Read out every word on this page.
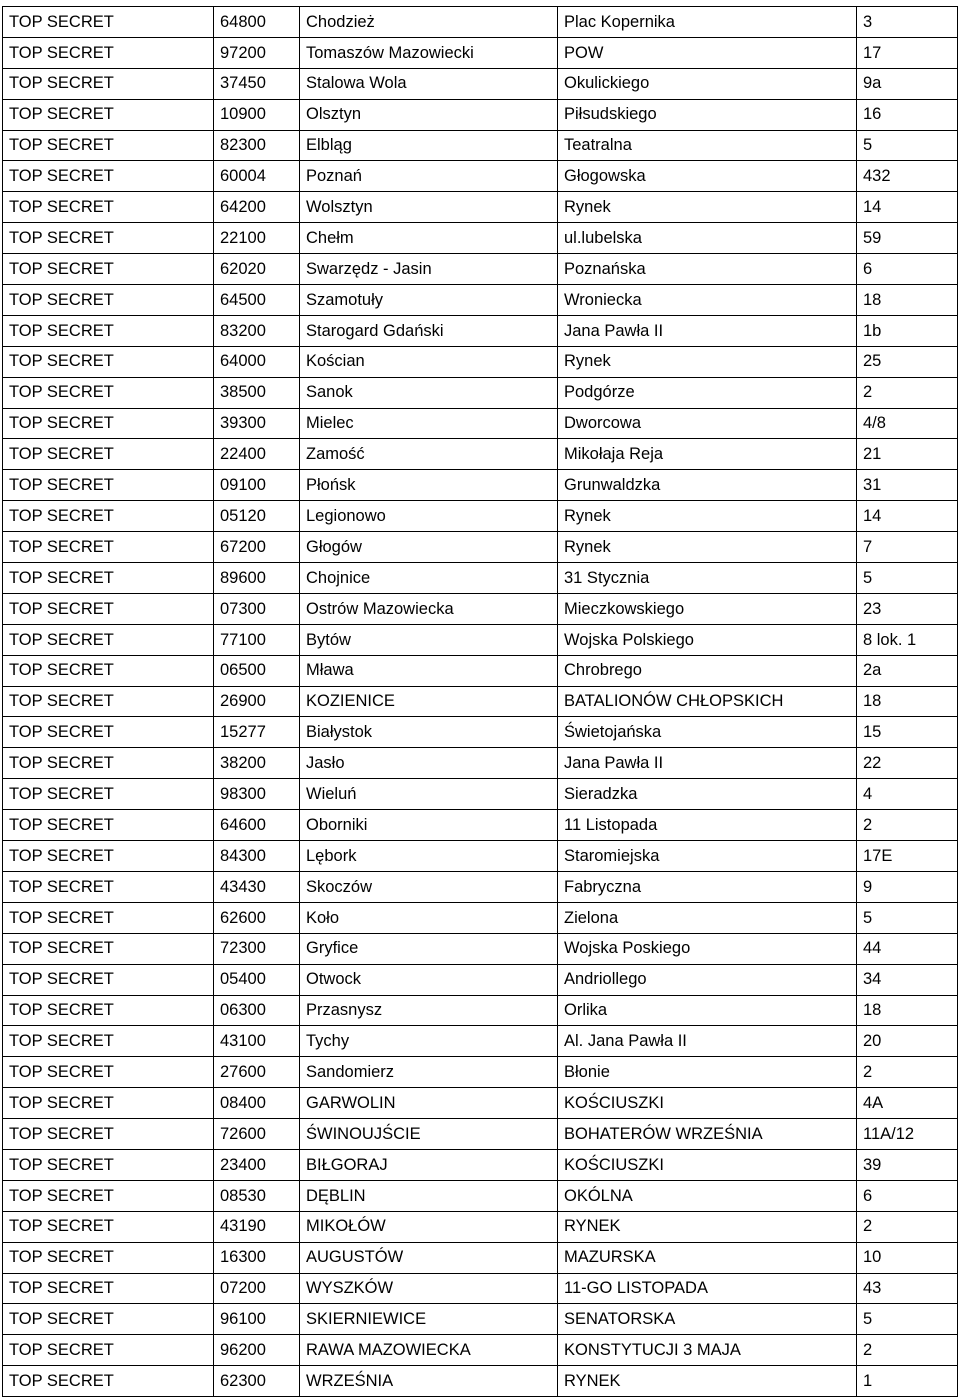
TOP SECRET	64800	Chodzież	Plac Kopernika	3
TOP SECRET	97200	Tomaszów Mazowiecki	POW	17
TOP SECRET	37450	Stalowa Wola	Okulickiego	9a
TOP SECRET	10900	Olsztyn	Piłsudskiego	16
TOP SECRET	82300	Elbląg	Teatralna	5
TOP SECRET	60004	Poznań	Głogowska	432
TOP SECRET	64200	Wolsztyn	Rynek	14
TOP SECRET	22100	Chełm	ul.lubelska	59
TOP SECRET	62020	Swarzędz - Jasin	Poznańska	6
TOP SECRET	64500	Szamotuły	Wroniecka	18
TOP SECRET	83200	Starogard Gdański	Jana Pawła II	1b
TOP SECRET	64000	Kościan	Rynek	25
TOP SECRET	38500	Sanok	Podgórze	2
TOP SECRET	39300	Mielec	Dworcowa	4/8
TOP SECRET	22400	Zamość	Mikołaja Reja	21
TOP SECRET	09100	Płońsk	Grunwaldzka	31
TOP SECRET	05120	Legionowo	Rynek	14
TOP SECRET	67200	Głogów	Rynek	7
TOP SECRET	89600	Chojnice	31 Stycznia	5
TOP SECRET	07300	Ostrów Mazowiecka	Mieczkowskiego	23
TOP SECRET	77100	Bytów	Wojska Polskiego	8 lok. 1
TOP SECRET	06500	Mława	Chrobrego	2a
TOP SECRET	26900	KOZIENICE	BATALIONÓW CHŁOPSKICH	18
TOP SECRET	15277	Białystok	Świetojańska	15
TOP SECRET	38200	Jasło	Jana Pawła II	22
TOP SECRET	98300	Wieluń	Sieradzka	4
TOP SECRET	64600	Oborniki	11 Listopada	2
TOP SECRET	84300	Lębork	Staromiejska	17E
TOP SECRET	43430	Skoczów	Fabryczna	9
TOP SECRET	62600	Koło	Zielona	5
TOP SECRET	72300	Gryfice	Wojska Poskiego	44
TOP SECRET	05400	Otwock	Andriollego	34
TOP SECRET	06300	Przasnysz	Orlika	18
TOP SECRET	43100	Tychy	Al. Jana Pawła II	20
TOP SECRET	27600	Sandomierz	Błonie	2
TOP SECRET	08400	GARWOLIN	KOŚCIUSZKI	4A
TOP SECRET	72600	ŚWINOUJŚCIE	BOHATERÓW WRZEŚNIA	11A/12
TOP SECRET	23400	BIŁGORAJ	KOŚCIUSZKI	39
TOP SECRET	08530	DĘBLIN	OKÓLNA	6
TOP SECRET	43190	MIKOŁÓW	RYNEK	2
TOP SECRET	16300	AUGUSTÓW	MAZURSKA	10
TOP SECRET	07200	WYSZKÓW	11-GO LISTOPADA	43
TOP SECRET	96100	SKIERNIEWICE	SENATORSKA	5
TOP SECRET	96200	RAWA MAZOWIECKA	KONSTYTUCJI 3 MAJA	2
TOP SECRET	62300	WRZEŚNIA	RYNEK	1
